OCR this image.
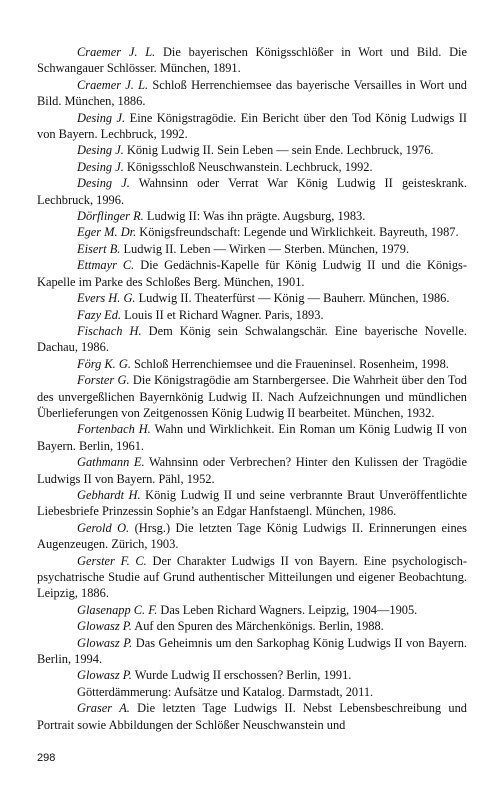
Craemer J. L. Die bayerischen Königsschlößer in Wort und Bild. Die Schwangauer Schlösser. München, 1891.

Craemer J. L. Schloß Herrenchiemsee das bayerische Versailles in Wort und Bild. München, 1886.

Desing J. Eine Königstragödie. Ein Bericht über den Tod König Ludwigs II von Bayern. Lechbruck, 1992.

Desing J. König Ludwig II. Sein Leben — sein Ende. Lechbruck, 1976.

Desing J. Königsschloß Neuschwanstein. Lechbruck, 1992.

Desing J. Wahnsinn oder Verrat War König Ludwig II geisteskrank. Lechbruck, 1996.

Dörflinger R. Ludwig II: Was ihn prägte. Augsburg, 1983.

Eger M. Dr. Königsfreundschaft: Legende und Wirklichkeit. Bayreuth, 1987.

Eisert B. Ludwig II. Leben — Wirken — Sterben. München, 1979.

Ettmayr C. Die Gedächnis-Kapelle für König Ludwig II und die Königs-Kapelle im Parke des Schloßes Berg. München, 1901.

Evers H. G. Ludwig II. Theaterfürst — König — Bauherr. München, 1986.

Fazy Ed. Louis II et Richard Wagner. Paris, 1893.

Fischach H. Dem König sein Schwalangschär. Eine bayerische Novelle. Dachau, 1986.

Förg K. G. Schloß Herrenchiemsee und die Fraueninsel. Rosenheim, 1998.

Forster G. Die Königstragödie am Starnbergersee. Die Wahrheit über den Tod des unvergeßlichen Bayernkönig Ludwig II. Nach Aufzeichnungen und mündlichen Überlieferungen von Zeitgenossen König Ludwig II bearbeitet. München, 1932.

Fortenbach H. Wahn und Wirklichkeit. Ein Roman um König Ludwig II von Bayern. Berlin, 1961.

Gathmann E. Wahnsinn oder Verbrechen? Hinter den Kulissen der Tragödie Ludwigs II von Bayern. Pähl, 1952.

Gebhardt H. König Ludwig II und seine verbrannte Braut Unveröffentlichte Liebesbriefe Prinzessin Sophie’s an Edgar Hanfstaengl. München, 1986.

Gerold O. (Hrsg.) Die letzten Tage König Ludwigs II. Erinnerungen eines Augenzeugen. Zürich, 1903.

Gerster F. C. Der Charakter Ludwigs II von Bayern. Eine psychologisch-psychatrische Studie auf Grund authentischer Mitteilungen und eigener Beobachtung. Leipzig, 1886.

Glasenapp C. F. Das Leben Richard Wagners. Leipzig, 1904—1905.

Glowasz P. Auf den Spuren des Märchenkönigs. Berlin, 1988.

Glowasz P. Das Geheimnis um den Sarkophag König Ludwigs II von Bayern. Berlin, 1994.

Glowasz P. Wurde Ludwig II erschossen? Berlin, 1991.

Götterdämmerung: Aufsätze und Katalog. Darmstadt, 2011.

Graser A. Die letzten Tage Ludwigs II. Nebst Lebensbeschreibung und Portrait sowie Abbildungen der Schlößer Neuschwanstein und

298
